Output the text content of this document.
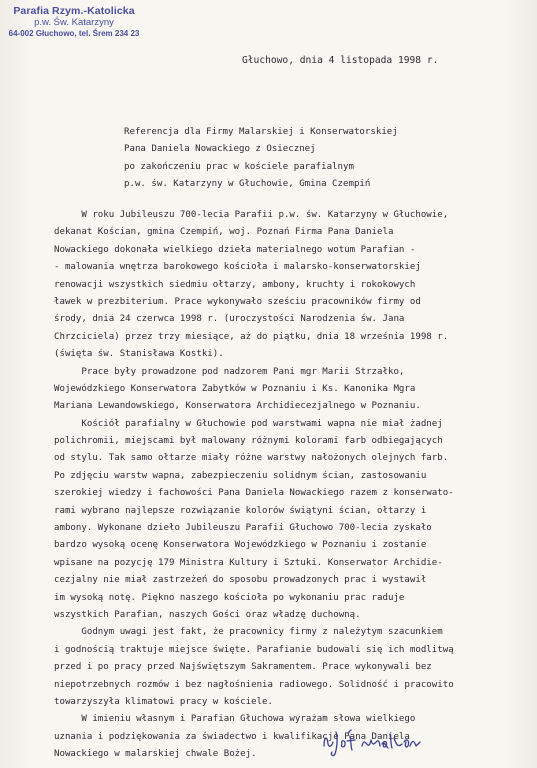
Parafia Rzym.-Katolicka
p.w. Św. Katarzyny
64-002 Głuchowo, tel. Śrem 234 23
Głuchowo, dnia 4 listopada 1998 r.
Referencja dla Firmy Malarskiej i Konserwatorskiej
Pana Daniela Nowackiego z Osiecznej
po zakończeniu prac w kościele parafialnym
p.w. św. Katarzyny w Głuchowie, Gmina Czempiń
W roku Jubileuszu 700-lecia Parafii p.w. św. Katarzyny w Głuchowie,
dekanat Kościan, gmina Czempiń, woj. Poznań Firma Pana Daniela
Nowackiego dokonała wielkiego dzieła materialnego wotum Parafian -
- malowania wnętrza barokowego kościoła i malarsko-konserwatorskiej
renowacji wszystkich siedmiu ołtarzy, ambony, kruchty i rokokowych
ławek w prezbiterium. Prace wykonywało sześciu pracowników firmy od
środy, dnia 24 czerwca 1998 r. (uroczystości Narodzenia św. Jana
Chrzciciela) przez trzy miesiące, aż do piątku, dnia 18 września 1998 r.
(święta św. Stanisława Kostki).
Prace były prowadzone pod nadzorem Pani mgr Marii Strzałko,
Wojewódzkiego Konserwatora Zabytków w Poznaniu i Ks. Kanonika Mgra
Mariana Lewandowskiego, Konserwatora Archidiecezjalnego w Poznaniu.
Kościół parafialny w Głuchowie pod warstwami wapna nie miał żadnej
polichromii, miejscami był malowany różnymi kolorami farb odbiegających
od stylu. Tak samo ołtarze miały różne warstwy nałożonych olejnych farb.
Po zdjęciu warstw wapna, zabezpieczeniu solidnym ścian, zastosowaniu
szerokiej wiedzy i fachowości Pana Daniela Nowackiego razem z konserwato-
rami wybrano najlepsze rozwiązanie kolorów świątyni ścian, ołtarzy i
ambony. Wykonane dzieło Jubileuszu Parafii Głuchowo 700-lecia zyskało
bardzo wysoką ocenę Konserwatora Wojewódzkiego w Poznaniu i zostanie
wpisane na pozycję 179 Ministra Kultury i Sztuki. Konserwator Archidie-
cezjalny nie miał zastrzeżeń do sposobu prowadzonych prac i wystawił
im wysoką notę. Piękno naszego kościoła po wykonaniu prac raduje
wszystkich Parafian, naszych Gości oraz władzę duchowną.
Godnym uwagi jest fakt, że pracownicy firmy z należytym szacunkiem
i godnością traktuje miejsce święte. Parafianie budowali się ich modlitwą
przed i po pracy przed Najświętszym Sakramentem. Prace wykonywali bez
niepotrzebnych rozmów i bez nagłośnienia radiowego. Solidność i pracowito
towarzyszyła klimatowi pracy w kościele.
W imieniu własnym i Parafian Głuchowa wyrażam słowa wielkiego
uznania i podziękowania za świadectwo i kwalifikacje Pana Daniela
Nowackiego w malarskiej chwale Bożej.
